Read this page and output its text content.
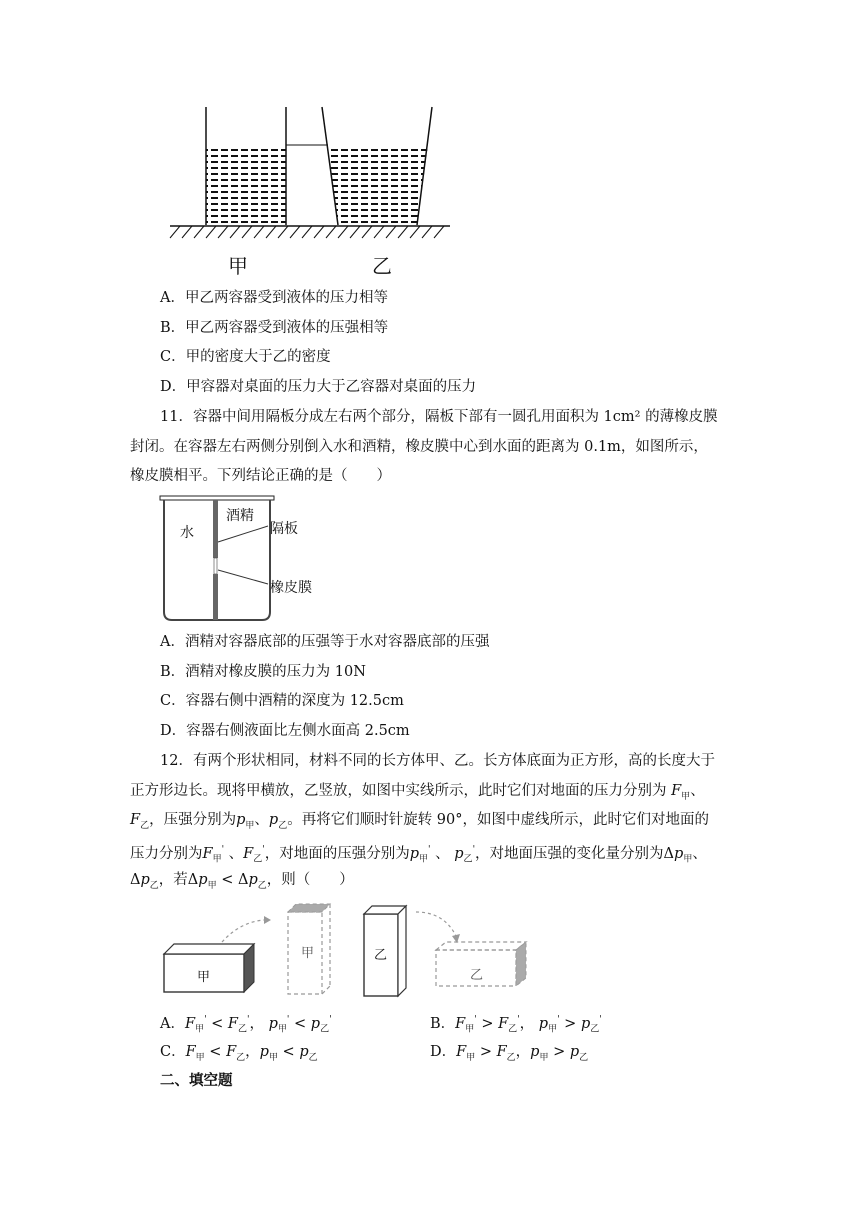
甲	乙
A．甲乙两容器受到液体的压力相等
B．甲乙两容器受到液体的压强相等
C．甲的密度大于乙的密度
D．甲容器对桌面的压力大于乙容器对桌面的压力
11．容器中间用隔板分成左右两个部分，隔板下部有一圆孔用面积为 1cm² 的薄橡皮膜
封闭。在容器左右两侧分别倒入水和酒精，橡皮膜中心到水面的距离为 0.1m，如图所示，
橡皮膜相平。下列结论正确的是（　　）
水
酒精
隔板
橡皮膜
A．酒精对容器底部的压强等于水对容器底部的压强
B．酒精对橡皮膜的压力为 10N
C．容器右侧中酒精的深度为 12.5cm
D．容器右侧液面比左侧水面高 2.5cm
12．有两个形状相同，材料不同的长方体甲、乙。长方体底面为正方形，高的长度大于
正方形边长。现将甲横放，乙竖放，如图中实线所示，此时它们对地面的压力分别为 $F_甲$、
$F_乙$，压强分别为$p_甲$、$p_乙$。再将它们顺时针旋转 90°，如图中虚线所示，此时它们对地面的
压力分别为$F_甲'$ 、$F_乙'$，对地面的压强分别为$p_甲'$ 、 $p_乙'$，对地面压强的变化量分别为$\Delta p_甲$、
$\Delta p_乙$，若$\Delta p_甲 < \Delta p_乙$，则（　　）
甲
甲	乙
乙
A．$F_甲' < F_乙'$， $p_甲' < p_乙'$	B．$F_甲' > F_乙'$， $p_甲' > p_乙'$
C．$F_甲 < F_乙$，$p_甲 < p_乙$	D．$F_甲 > F_乙$，$p_甲 > p_乙$
二、填空题
